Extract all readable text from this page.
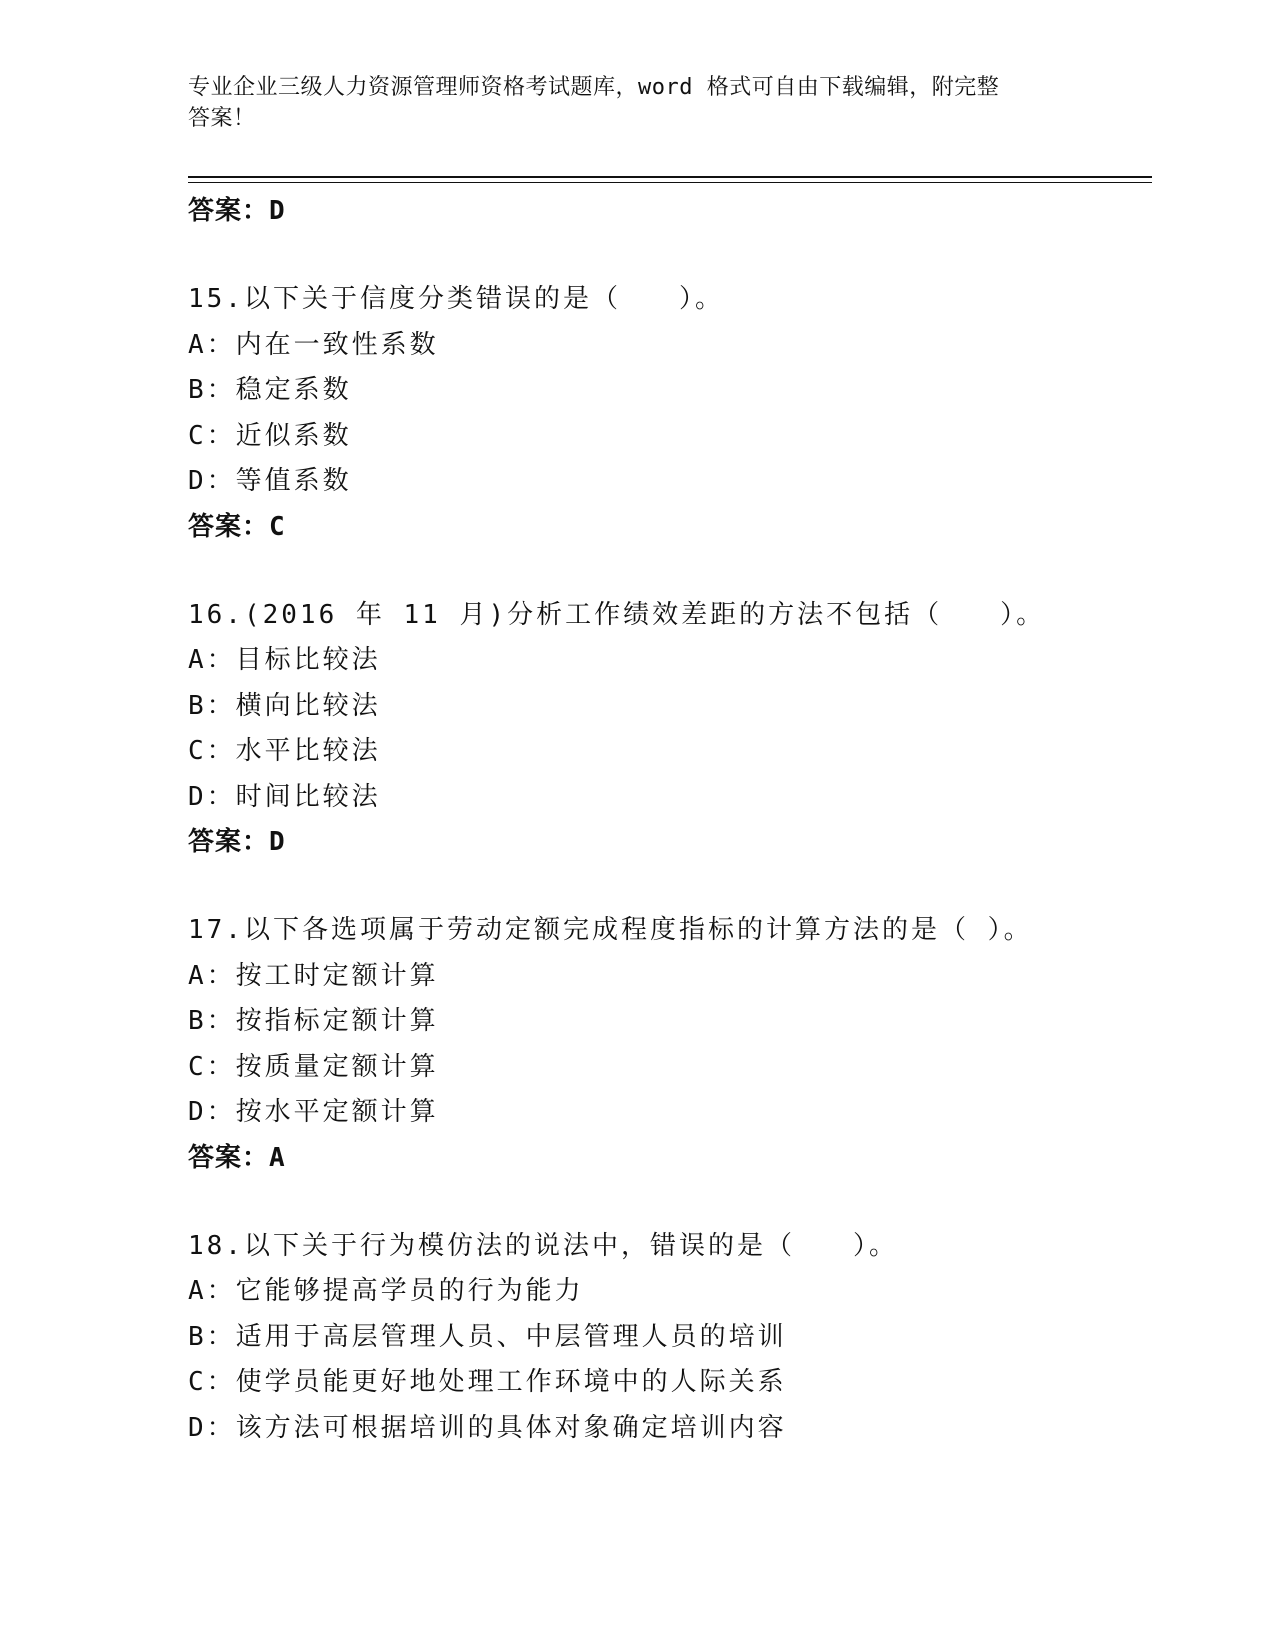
专业企业三级人力资源管理师资格考试题库，word 格式可自由下载编辑，附完整
答案！
答案：D
15.以下关于信度分类错误的是（　　）。
A：内在一致性系数
B：稳定系数
C：近似系数
D：等值系数
答案：C
16.(2016 年 11 月)分析工作绩效差距的方法不包括（　　）。
A：目标比较法
B：横向比较法
C：水平比较法
D：时间比较法
答案：D
17.以下各选项属于劳动定额完成程度指标的计算方法的是（ ）。
A：按工时定额计算
B：按指标定额计算
C：按质量定额计算
D：按水平定额计算
答案：A
18.以下关于行为模仿法的说法中，错误的是（　　）。
A：它能够提高学员的行为能力
B：适用于高层管理人员、中层管理人员的培训
C：使学员能更好地处理工作环境中的人际关系
D：该方法可根据培训的具体对象确定培训内容
